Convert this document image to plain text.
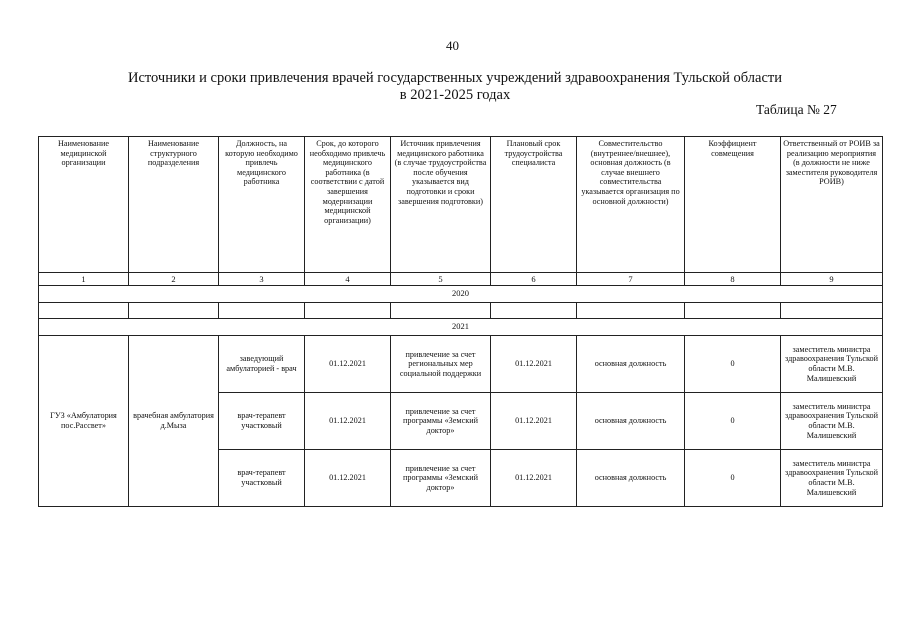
40
Источники и сроки привлечения врачей государственных учреждений здравоохранения Тульской области
в 2021-2025 годах
Таблица № 27
Наименование медицинской организации	Наименование структурного подразделения	Должность, на которую необходимо привлечь медицинского работника	Срок, до которого необходимо привлечь медицинского работника (в соответствии с датой завершения модернизации медицинской организации)	Источник привлечения медицинского работника (в случае трудоустройства после обучения указывается вид подготовки и сроки завершения подготовки)	Плановый срок трудоустройства специалиста	Совместительство (внутреннее/внешнее), основная должность (в случае внешнего совместительства указывается организация по основной должности)	Коэффициент совмещения	Ответственный от РОИВ за реализацию мероприятия (в должности не ниже заместителя руководителя РОИВ)
1	2	3	4	5	6	7	8	9
2020								

2021								
ГУЗ «Амбулатория пос.Рассвет»	врачебная амбулатория д.Мыза	заведующий амбулаторией - врач	01.12.2021	привлечение за счет региональных мер социальной поддержки	01.12.2021	основная должность	0	заместитель министра здравоохранения Тульской области М.В. Малишевский
		врач-терапевт участковый	01.12.2021	привлечение за счет программы «Земский доктор»	01.12.2021	основная должность	0	заместитель министра здравоохранения Тульской области М.В. Малишевский
		врач-терапевт участковый	01.12.2021	привлечение за счет программы «Земский доктор»	01.12.2021	основная должность	0	заместитель министра здравоохранения Тульской области М.В. Малишевский
